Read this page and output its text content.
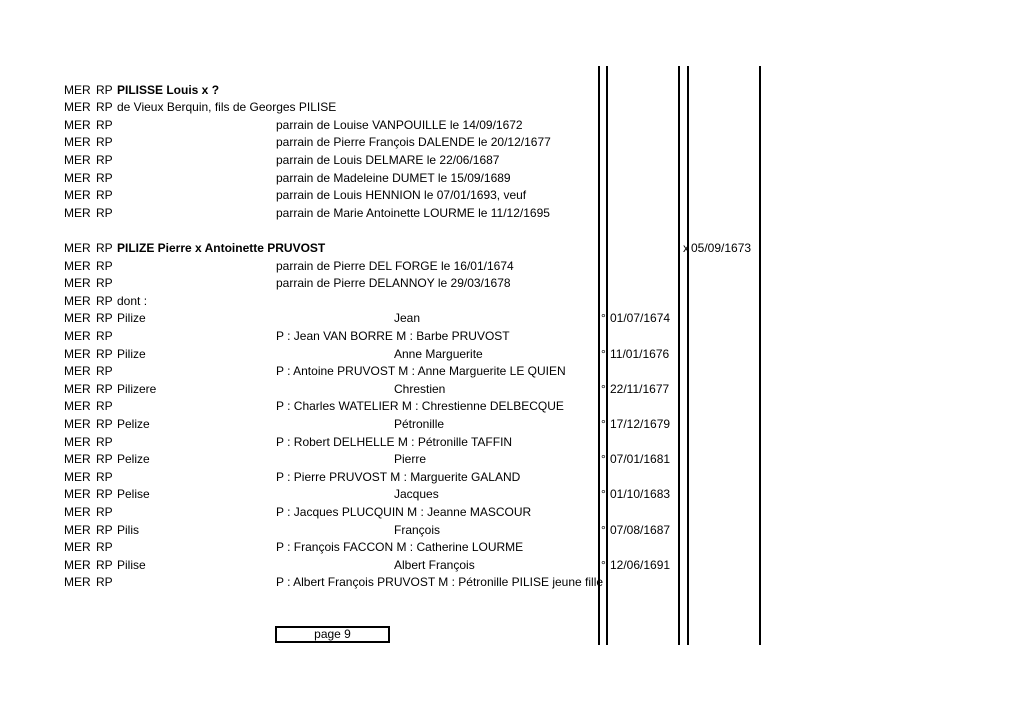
MER RP PILISSE Louis x ?
MER RP de Vieux Berquin, fils de Georges PILISE
MER RP	parrain de Louise VANPOUILLE le 14/09/1672
MER RP	parrain de Pierre François DALENDE le 20/12/1677
MER RP	parrain de Louis DELMARE le 22/06/1687
MER RP	parrain de Madeleine DUMET le 15/09/1689
MER RP	parrain de Louis HENNION le 07/01/1693, veuf
MER RP	parrain de Marie Antoinette LOURME le 11/12/1695
MER RP PILIZE Pierre x Antoinette PRUVOST	x 05/09/1673
MER RP	parrain de Pierre DEL FORGE le 16/01/1674
MER RP	parrain de Pierre DELANNOY le 29/03/1678
MER RP dont :
MER RP Pilize	Jean	° 01/07/1674
MER RP	P : Jean VAN BORRE M : Barbe PRUVOST
MER RP Pilize	Anne Marguerite	° 11/01/1676
MER RP	P : Antoine PRUVOST M : Anne Marguerite LE QUIEN
MER RP Pilizere	Chrestien	° 22/11/1677
MER RP	P : Charles WATELIER M : Chrestienne DELBECQUE
MER RP Pelize	Pétronille	° 17/12/1679
MER RP	P : Robert DELHELLE M : Pétronille TAFFIN
MER RP Pelize	Pierre	° 07/01/1681
MER RP	P : Pierre PRUVOST M : Marguerite GALAND
MER RP Pelise	Jacques	° 01/10/1683
MER RP	P : Jacques PLUCQUIN M : Jeanne MASCOUR
MER RP Pilis	François	° 07/08/1687
MER RP	P : François FACCON M : Catherine LOURME
MER RP Pilise	Albert François	° 12/06/1691
MER RP	P : Albert François PRUVOST M : Pétronille PILISE jeune fille
page 9
